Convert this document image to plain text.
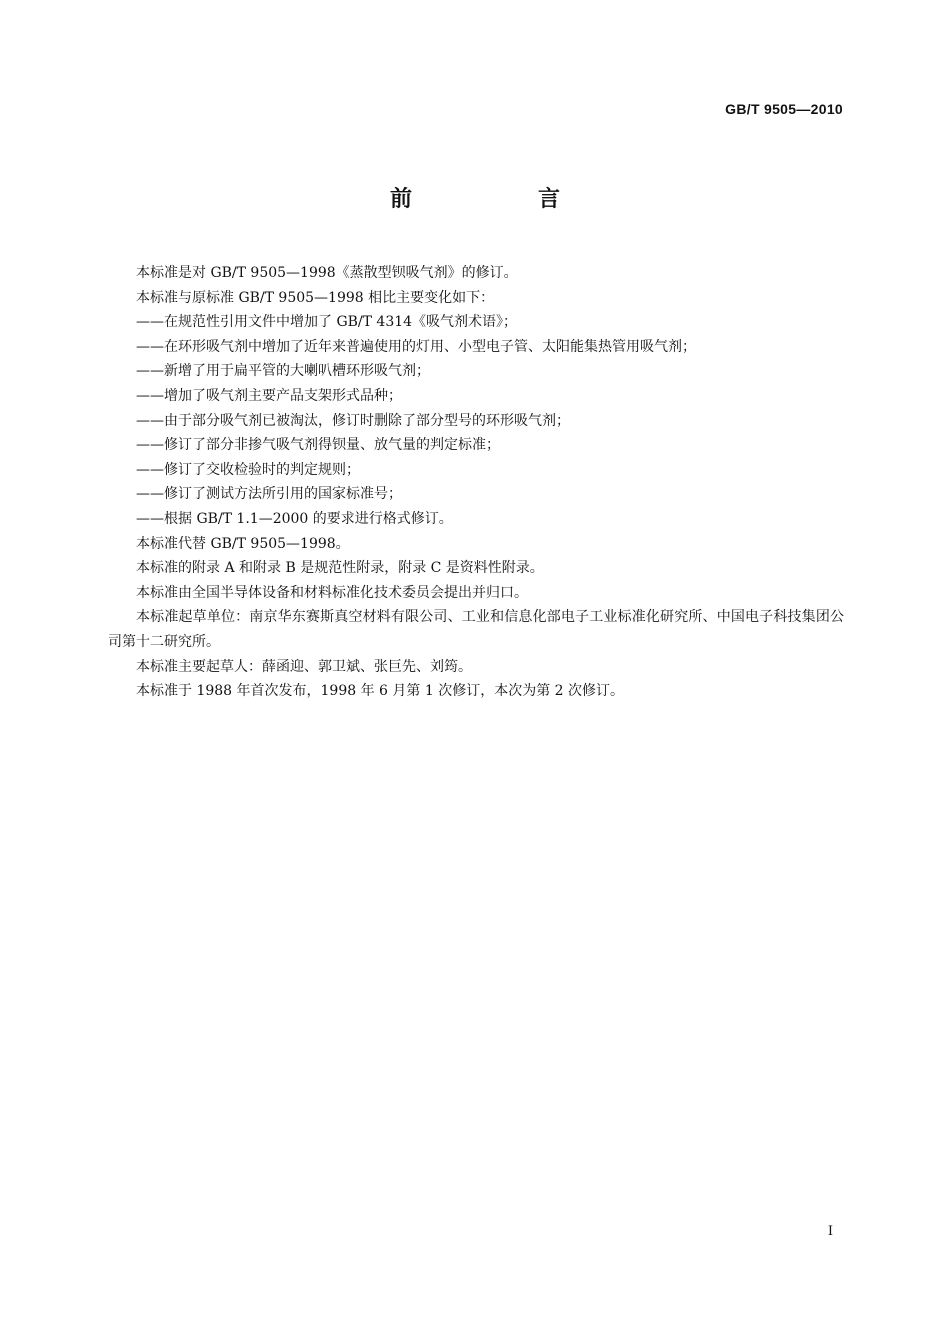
GB/T 9505—2010
前　言

本标准是对 GB/T 9505—1998《蒸散型钡吸气剂》的修订。

本标准与原标准 GB/T 9505—1998 相比主要变化如下：

——在规范性引用文件中增加了 GB/T 4314《吸气剂术语》；

——在环形吸气剂中增加了近年来普遍使用的灯用、小型电子管、太阳能集热管用吸气剂；

——新增了用于扁平管的大喇叭槽环形吸气剂；

——增加了吸气剂主要产品支架形式品种；

——由于部分吸气剂已被淘汰，修订时删除了部分型号的环形吸气剂；

——修订了部分非掺气吸气剂得钡量、放气量的判定标准；

——修订了交收检验时的判定规则；

——修订了测试方法所引用的国家标准号；

——根据 GB/T 1.1—2000 的要求进行格式修订。

本标准代替 GB/T 9505—1998。

本标准的附录 A 和附录 B 是规范性附录，附录 C 是资料性附录。

本标准由全国半导体设备和材料标准化技术委员会提出并归口。

本标准起草单位：南京华东赛斯真空材料有限公司、工业和信息化部电子工业标准化研究所、中国电子科技集团公司第十二研究所。

本标准主要起草人：薛函迎、郭卫斌、张巨先、刘筠。

本标准于 1988 年首次发布，1998 年 6 月第 1 次修订，本次为第 2 次修订。

I
